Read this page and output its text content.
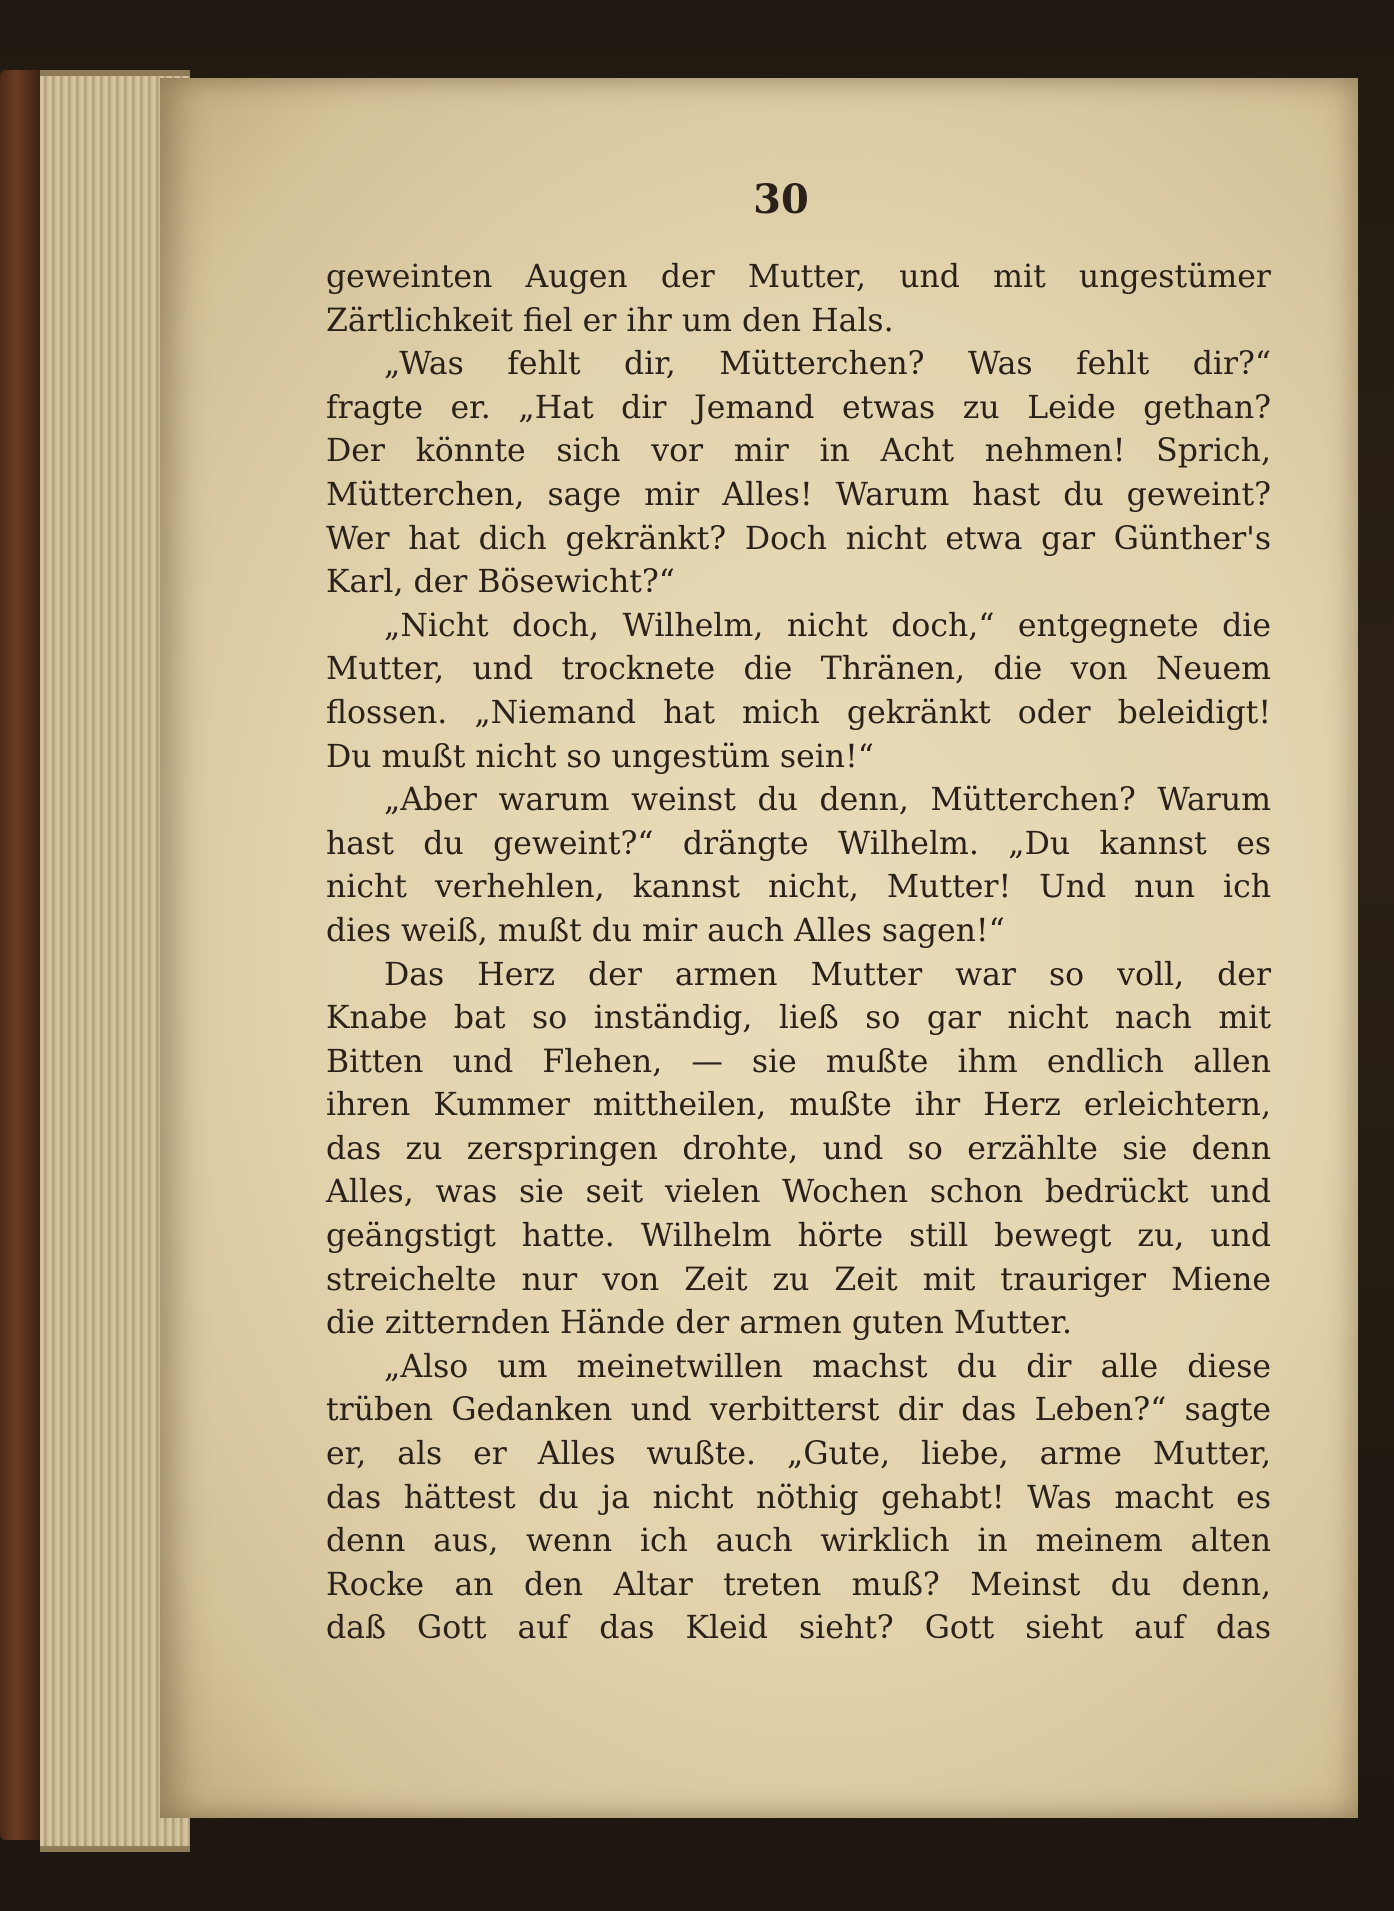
30
geweinten Augen der Mutter, und mit ungestümer
Zärtlichkeit fiel er ihr um den Hals.
„Was fehlt dir, Mütterchen? Was fehlt dir?“
fragte er. „Hat dir Jemand etwas zu Leide gethan?
Der könnte sich vor mir in Acht nehmen! Sprich,
Mütterchen, sage mir Alles! Warum hast du geweint?
Wer hat dich gekränkt? Doch nicht etwa gar Günther's
Karl, der Bösewicht?“
„Nicht doch, Wilhelm, nicht doch,“ entgegnete die
Mutter, und trocknete die Thränen, die von Neuem
flossen. „Niemand hat mich gekränkt oder beleidigt!
Du mußt nicht so ungestüm sein!“
„Aber warum weinst du denn, Mütterchen? Warum
hast du geweint?“ drängte Wilhelm. „Du kannst es
nicht verhehlen, kannst nicht, Mutter! Und nun ich
dies weiß, mußt du mir auch Alles sagen!“
Das Herz der armen Mutter war so voll, der
Knabe bat so inständig, ließ so gar nicht nach mit
Bitten und Flehen, — sie mußte ihm endlich allen
ihren Kummer mittheilen, mußte ihr Herz erleichtern,
das zu zerspringen drohte, und so erzählte sie denn
Alles, was sie seit vielen Wochen schon bedrückt und
geängstigt hatte. Wilhelm hörte still bewegt zu, und
streichelte nur von Zeit zu Zeit mit trauriger Miene
die zitternden Hände der armen guten Mutter.
„Also um meinetwillen machst du dir alle diese
trüben Gedanken und verbitterst dir das Leben?“ sagte
er, als er Alles wußte. „Gute, liebe, arme Mutter,
das hättest du ja nicht nöthig gehabt! Was macht es
denn aus, wenn ich auch wirklich in meinem alten
Rocke an den Altar treten muß? Meinst du denn,
daß Gott auf das Kleid sieht? Gott sieht auf das
